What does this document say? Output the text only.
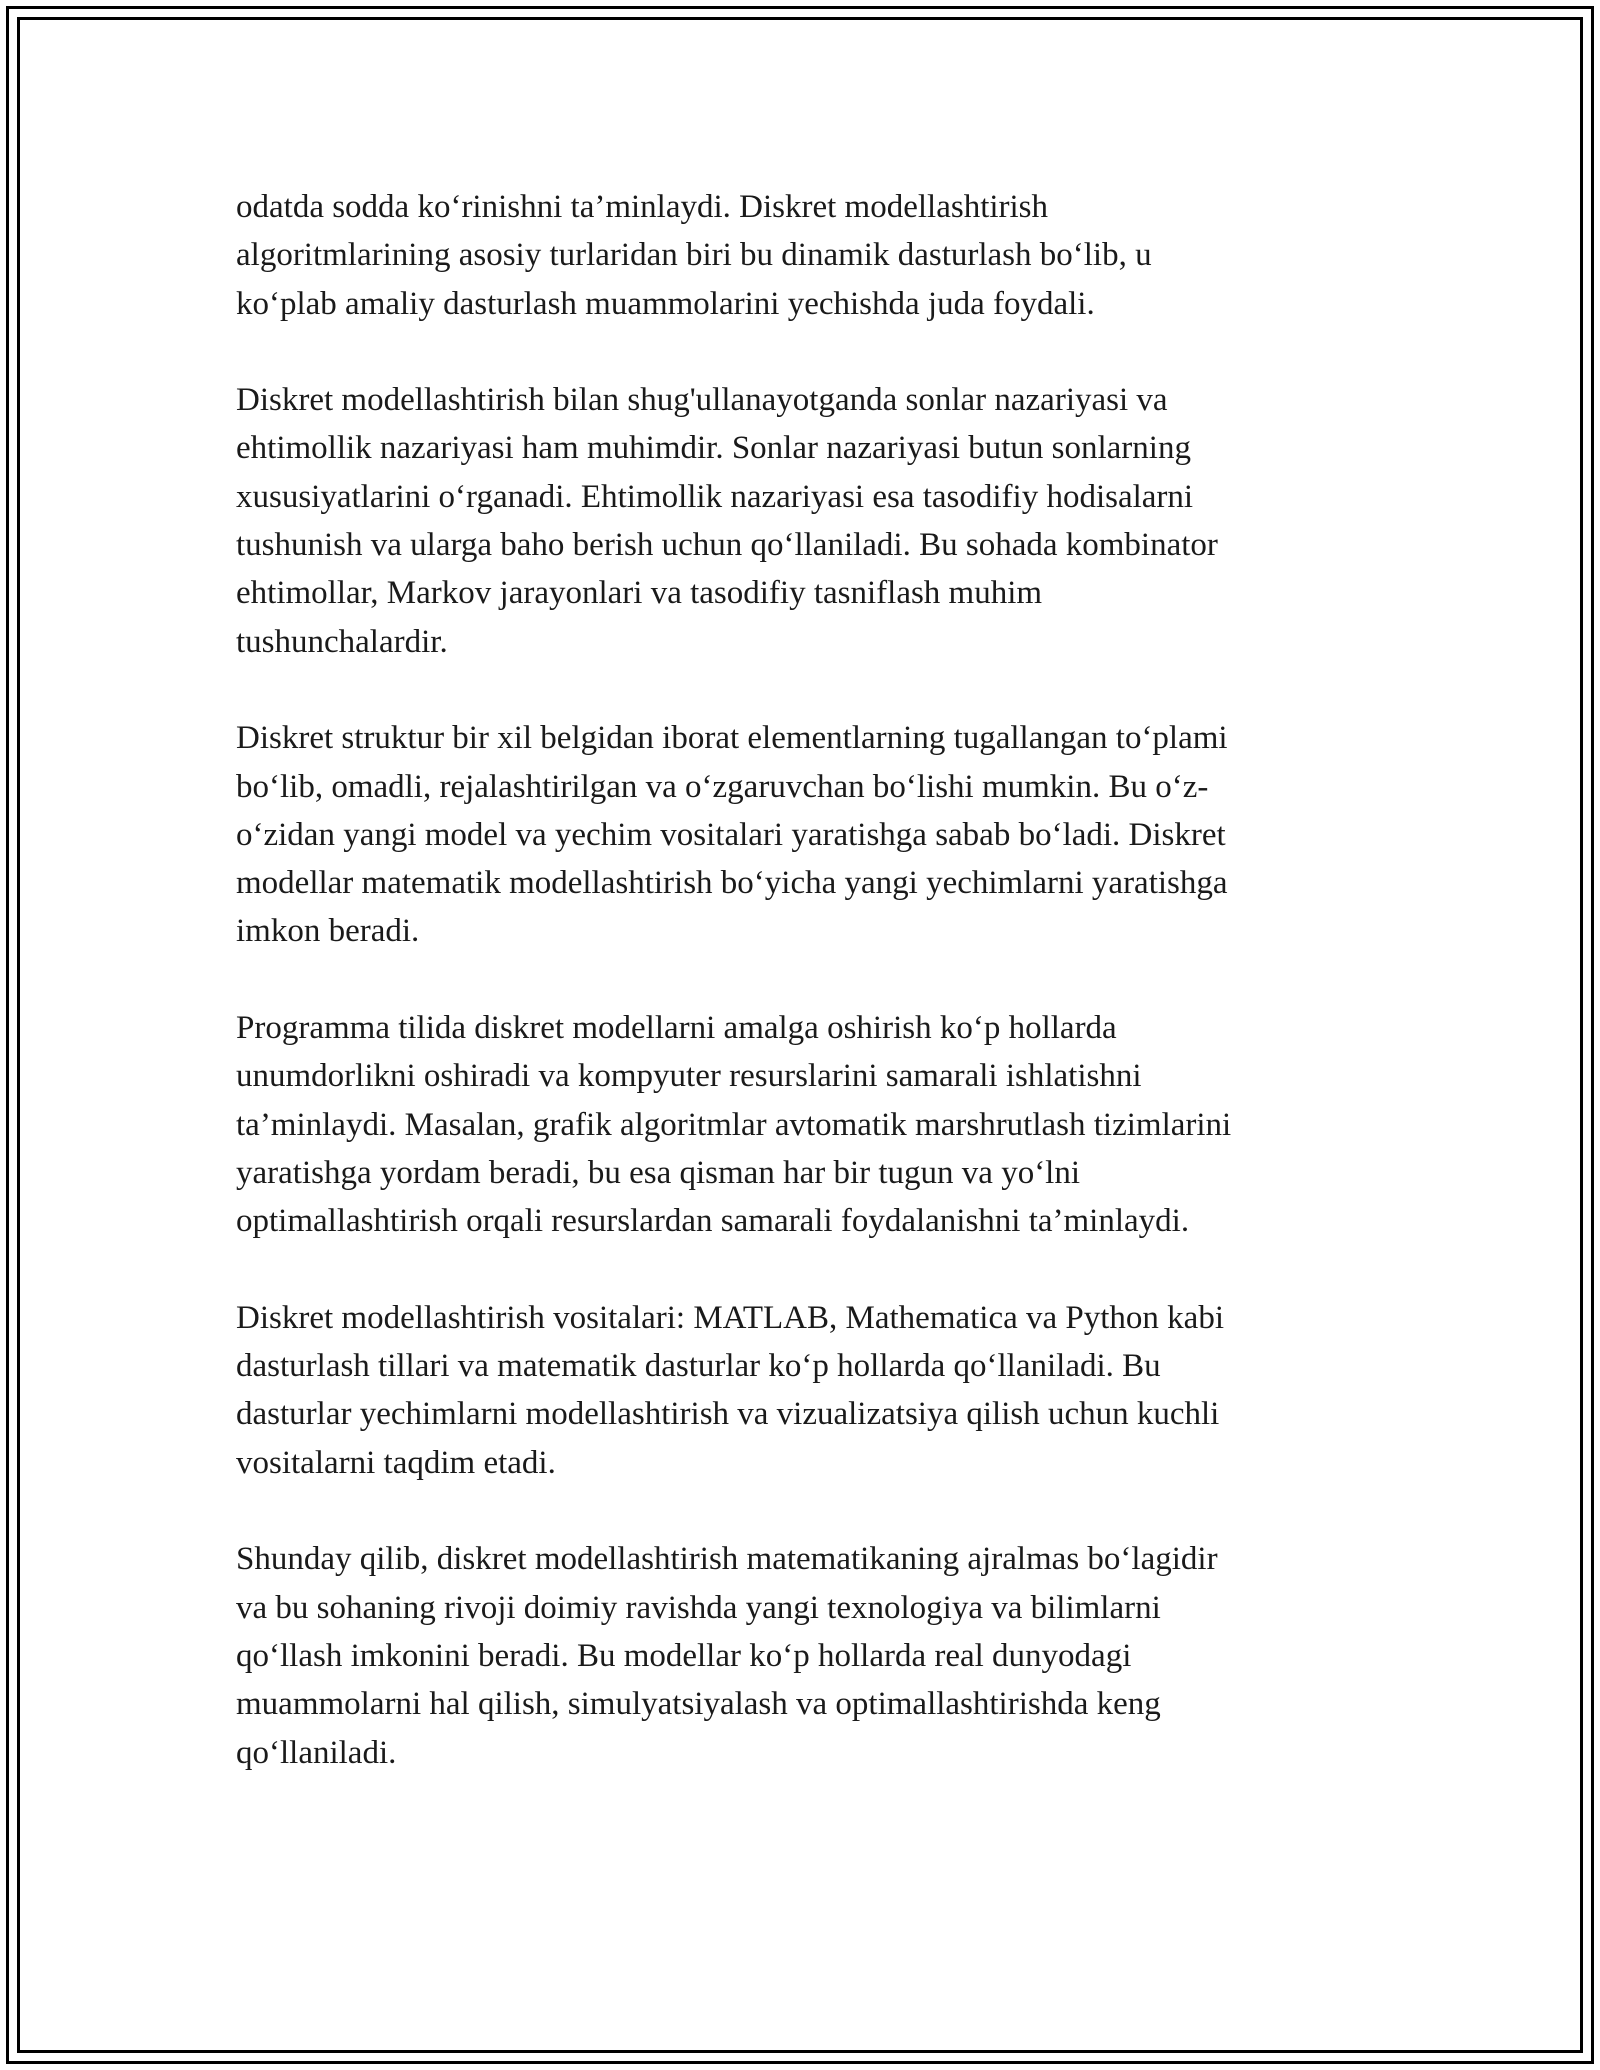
odatda sodda ko‘rinishni ta’minlaydi. Diskret modellashtirish
algoritmlarining asosiy turlaridan biri bu dinamik dasturlash bo‘lib, u
ko‘plab amaliy dasturlash muammolarini yechishda juda foydali.

Diskret modellashtirish bilan shug'ullanayotganda sonlar nazariyasi va
ehtimollik nazariyasi ham muhimdir. Sonlar nazariyasi butun sonlarning
xususiyatlarini o‘rganadi. Ehtimollik nazariyasi esa tasodifiy hodisalarni
tushunish va ularga baho berish uchun qo‘llaniladi. Bu sohada kombinator
ehtimollar, Markov jarayonlari va tasodifiy tasniflash muhim
tushunchalardir.

Diskret struktur bir xil belgidan iborat elementlarning tugallangan to‘plami
bo‘lib, omadli, rejalashtirilgan va o‘zgaruvchan bo‘lishi mumkin. Bu o‘z-
o‘zidan yangi model va yechim vositalari yaratishga sabab bo‘ladi. Diskret
modellar matematik modellashtirish bo‘yicha yangi yechimlarni yaratishga
imkon beradi.

Programma tilida diskret modellarni amalga oshirish ko‘p hollarda
unumdorlikni oshiradi va kompyuter resurslarini samarali ishlatishni
ta’minlaydi. Masalan, grafik algoritmlar avtomatik marshrutlash tizimlarini
yaratishga yordam beradi, bu esa qisman har bir tugun va yo‘lni
optimallashtirish orqali resurslardan samarali foydalanishni ta’minlaydi.

Diskret modellashtirish vositalari: MATLAB, Mathematica va Python kabi
dasturlash tillari va matematik dasturlar ko‘p hollarda qo‘llaniladi. Bu
dasturlar yechimlarni modellashtirish va vizualizatsiya qilish uchun kuchli
vositalarni taqdim etadi.

Shunday qilib, diskret modellashtirish matematikaning ajralmas bo‘lagidir
va bu sohaning rivoji doimiy ravishda yangi texnologiya va bilimlarni
qo‘llash imkonini beradi. Bu modellar ko‘p hollarda real dunyodagi
muammolarni hal qilish, simulyatsiyalash va optimallashtirishda keng
qo‘llaniladi.
